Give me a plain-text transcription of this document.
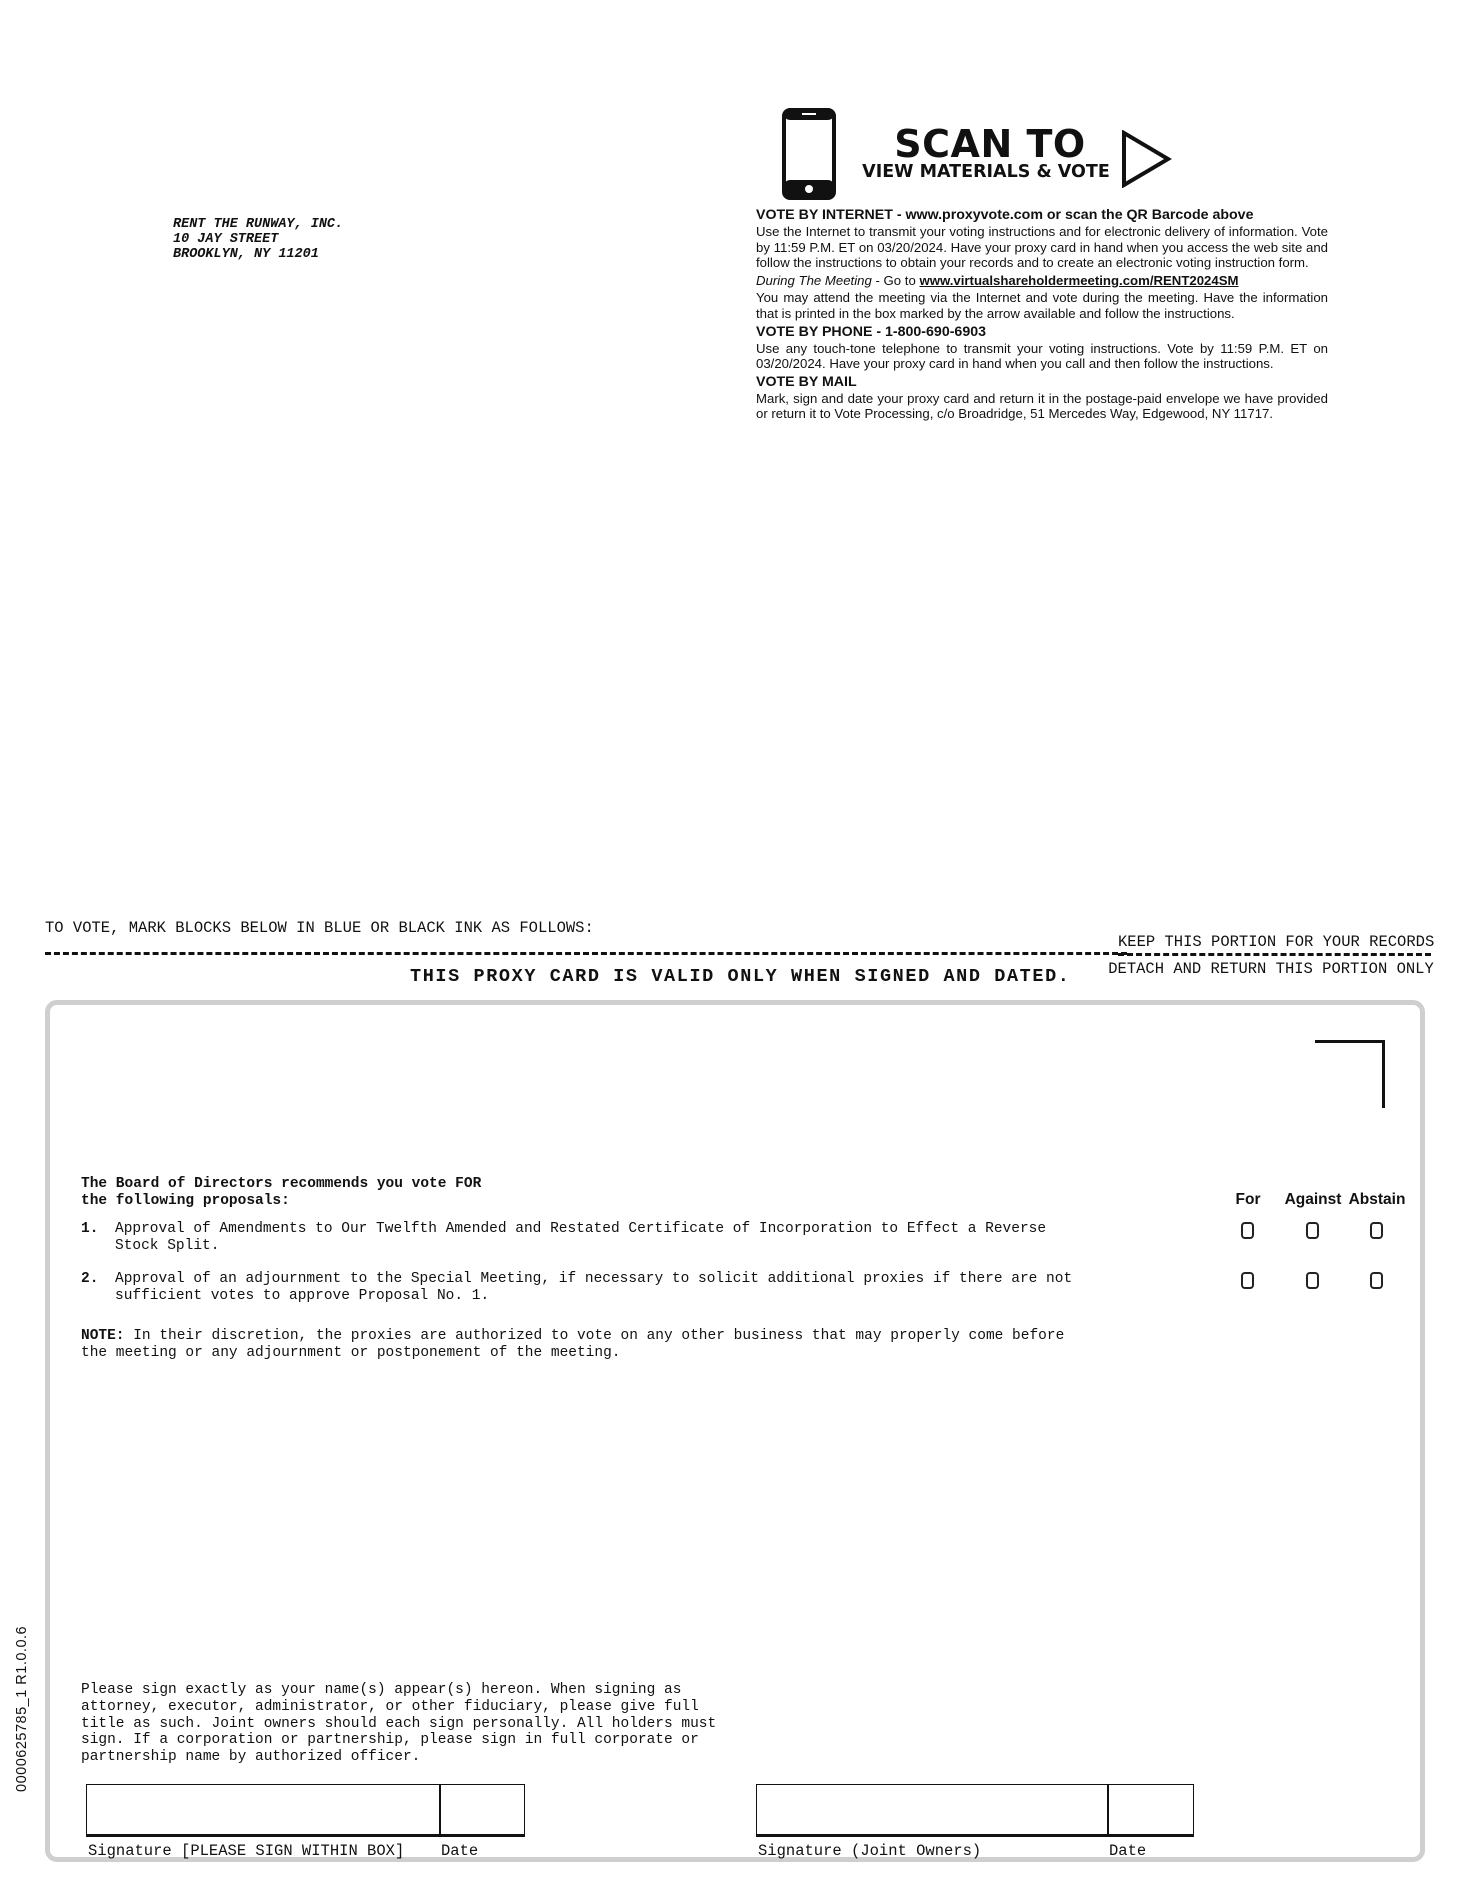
RENT THE RUNWAY, INC.
10 JAY STREET
BROOKLYN, NY 11201
SCAN TO
VIEW MATERIALS & VOTE
VOTE BY INTERNET - www.proxyvote.com or scan the QR Barcode above

Use the Internet to transmit your voting instructions and for electronic delivery of information. Vote by 11:59 P.M. ET on 03/20/2024. Have your proxy card in hand when you access the web site and follow the instructions to obtain your records and to create an electronic voting instruction form.

During The Meeting - Go to www.virtualshareholdermeeting.com/RENT2024SM

You may attend the meeting via the Internet and vote during the meeting. Have the information that is printed in the box marked by the arrow available and follow the instructions.

VOTE BY PHONE - 1-800-690-6903

Use any touch-tone telephone to transmit your voting instructions. Vote by 11:59 P.M. ET on 03/20/2024. Have your proxy card in hand when you call and then follow the instructions.

VOTE BY MAIL

Mark, sign and date your proxy card and return it in the postage-paid envelope we have provided or return it to Vote Processing, c/o Broadridge, 51 Mercedes Way, Edgewood, NY 11717.

TO VOTE, MARK BLOCKS BELOW IN BLUE OR BLACK INK AS FOLLOWS:
KEEP THIS PORTION FOR YOUR RECORDS
DETACH AND RETURN THIS PORTION ONLY
THIS PROXY CARD IS VALID ONLY WHEN SIGNED AND DATED.
The Board of Directors recommends you vote FOR
the following proposals:	For	Against Abstain
1. Approval of Amendments to Our Twelfth Amended and Restated Certificate of Incorporation to Effect a Reverse
Stock Split.
2. Approval of an adjournment to the Special Meeting, if necessary to solicit additional proxies if there are not
sufficient votes to approve Proposal No. 1.
NOTE: In their discretion, the proxies are authorized to vote on any other business that may properly come before
the meeting or any adjournment or postponement of the meeting.
0000625785_1 R1.0.0.6	Please sign exactly as your name(s) appear(s) hereon. When signing as
attorney, executor, administrator, or other fiduciary, please give full
title as such. Joint owners should each sign personally. All holders must
sign. If a corporation or partnership, please sign in full corporate or
partnership name by authorized officer.
Signature [PLEASE SIGN WITHIN BOX] Date	Signature (Joint Owners)	Date
